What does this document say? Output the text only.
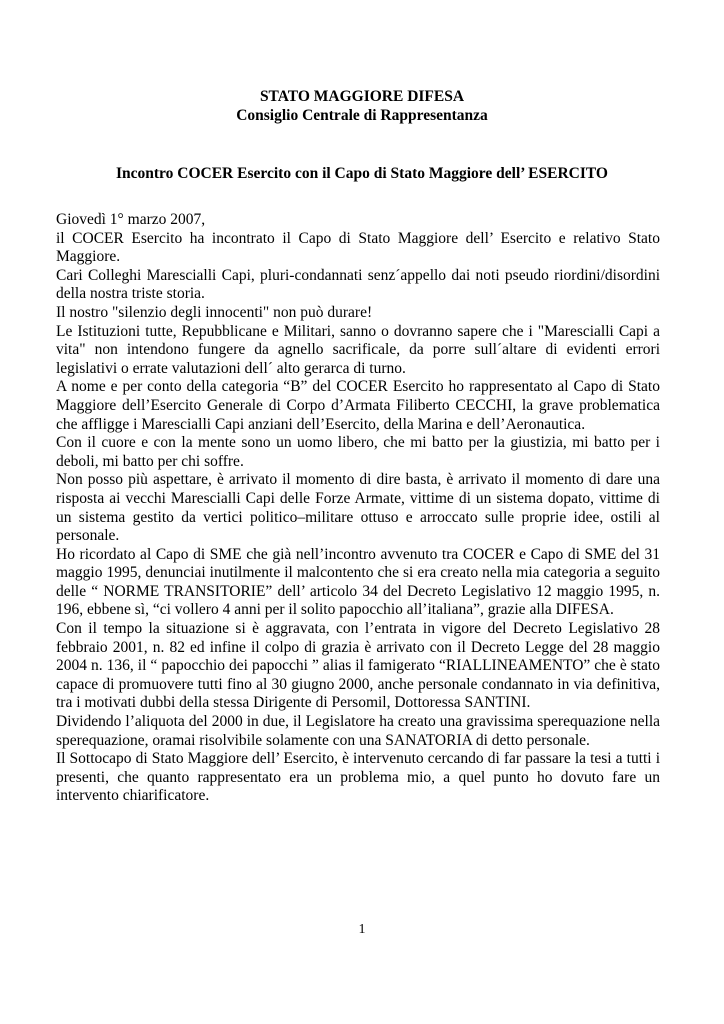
STATO MAGGIORE DIFESA
Consiglio Centrale di Rappresentanza
Incontro COCER Esercito con il Capo di Stato Maggiore dell’ ESERCITO

Giovedì 1° marzo 2007,

il COCER Esercito ha incontrato il Capo di Stato Maggiore dell’ Esercito e relativo Stato Maggiore.

Cari Colleghi Marescialli Capi, pluri-condannati senz´appello dai noti pseudo riordini/disordini della nostra triste storia.

Il nostro "silenzio degli innocenti" non può durare!

Le Istituzioni tutte, Repubblicane e Militari, sanno o dovranno sapere che i "Marescialli Capi a vita" non intendono fungere da agnello sacrificale, da porre sull´altare di evidenti errori legislativi o errate valutazioni dell´ alto gerarca di turno.

A nome e per conto della categoria “B” del COCER Esercito ho rappresentato al Capo di Stato Maggiore dell’Esercito Generale di Corpo d’Armata Filiberto CECCHI, la grave problematica che affligge i Marescialli Capi anziani dell’Esercito, della Marina e dell’Aeronautica.

Con il cuore e con la mente sono un uomo libero, che mi batto per la giustizia, mi batto per i deboli, mi batto per chi soffre.

Non posso più aspettare, è arrivato il momento di dire basta, è arrivato il momento di dare una risposta ai vecchi Marescialli Capi delle Forze Armate, vittime di un sistema dopato, vittime di un sistema gestito da vertici politico–militare ottuso e arroccato sulle proprie idee, ostili al personale.

Ho ricordato al Capo di SME che già nell’incontro avvenuto tra COCER e Capo di SME del 31 maggio 1995, denunciai inutilmente il malcontento che si era creato nella mia categoria a seguito delle “ NORME TRANSITORIE” dell’ articolo 34 del Decreto Legislativo 12 maggio 1995, n. 196, ebbene sì, “ci vollero 4 anni per il solito papocchio all’italiana”, grazie alla DIFESA.

Con il tempo la situazione si è aggravata, con l’entrata in vigore del Decreto Legislativo 28 febbraio 2001, n. 82 ed infine il colpo di grazia è arrivato con il Decreto Legge del 28 maggio 2004 n. 136, il “ papocchio dei papocchi ” alias il famigerato “RIALLINEAMENTO” che è stato capace di promuovere tutti fino al 30 giugno 2000, anche personale condannato in via definitiva, tra i motivati dubbi della stessa Dirigente di Persomil, Dottoressa SANTINI.

Dividendo l’aliquota del 2000 in due, il Legislatore ha creato una gravissima sperequazione nella sperequazione, oramai risolvibile solamente con una SANATORIA di detto personale.

Il Sottocapo di Stato Maggiore dell’ Esercito, è intervenuto cercando di far passare la tesi a tutti i presenti, che quanto rappresentato era un problema mio, a quel punto ho dovuto fare un intervento chiarificatore.

1
